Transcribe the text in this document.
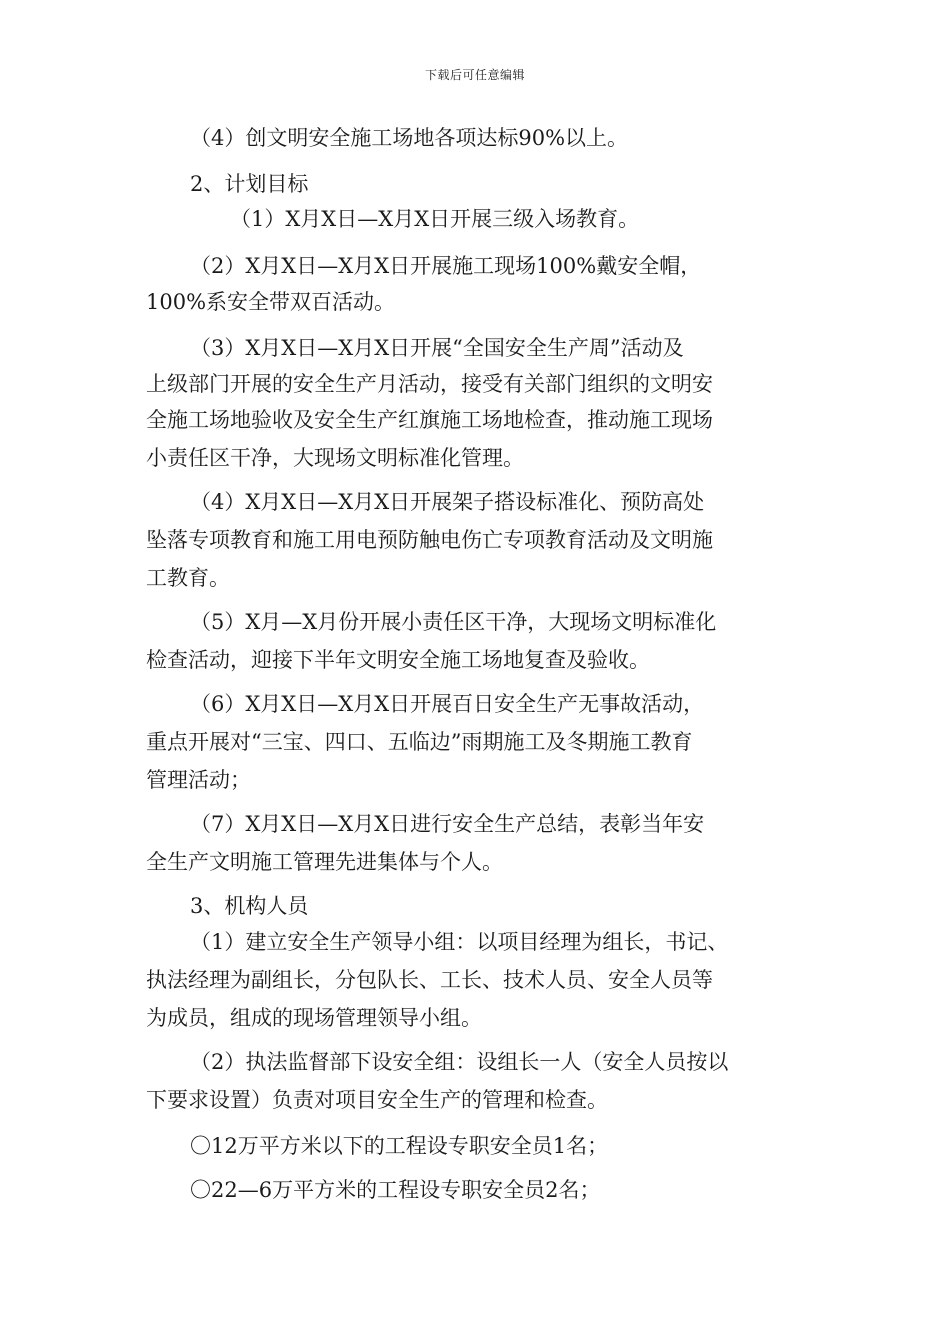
下载后可任意编辑
（4）创文明安全施工场地各项达标90%以上。
2、计划目标
（1）X月X日—X月X日开展三级入场教育。
（2）X月X日—X月X日开展施工现场100%戴安全帽，
100%系安全带双百活动。
（3）X月X日—X月X日开展“全国安全生产周”活动及
上级部门开展的安全生产月活动，接受有关部门组织的文明安
全施工场地验收及安全生产红旗施工场地检查，推动施工现场
小责任区干净，大现场文明标准化管理。
（4）X月X日—X月X日开展架子搭设标准化、预防高处
坠落专项教育和施工用电预防触电伤亡专项教育活动及文明施
工教育。
（5）X月—X月份开展小责任区干净，大现场文明标准化
检查活动，迎接下半年文明安全施工场地复查及验收。
（6）X月X日—X月X日开展百日安全生产无事故活动，
重点开展对“三宝、四口、五临边”雨期施工及冬期施工教育
管理活动；
（7）X月X日—X月X日进行安全生产总结，表彰当年安
全生产文明施工管理先进集体与个人。
3、机构人员
（1）建立安全生产领导小组：以项目经理为组长，书记、
执法经理为副组长，分包队长、工长、技术人员、安全人员等
为成员，组成的现场管理领导小组。
（2）执法监督部下设安全组：设组长一人（安全人员按以
下要求设置）负责对项目安全生产的管理和检查。
〇12万平方米以下的工程设专职安全员1名；
〇22—6万平方米的工程设专职安全员2名；
